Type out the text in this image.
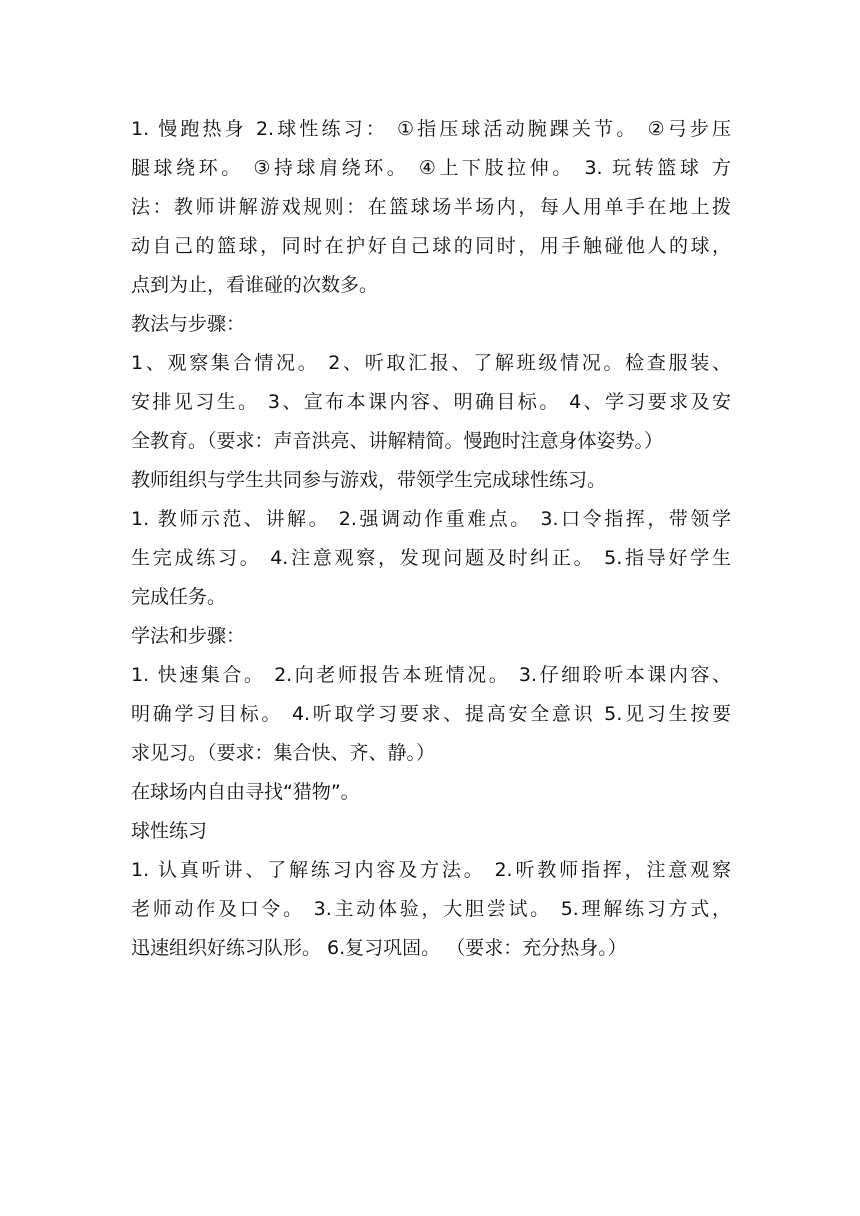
1. 慢跑热身 2.球性练习： ①指压球活动腕踝关节。 ②弓步压
腿球绕环。 ③持球肩绕环。 ④上下肢拉伸。 3. 玩转篮球 方
法：教师讲解游戏规则：在篮球场半场内，每人用单手在地上拨
动自己的篮球，同时在护好自己球的同时，用手触碰他人的球，
点到为止，看谁碰的次数多。
教法与步骤：
1、观察集合情况。 2、听取汇报、了解班级情况。检查服装、
安排见习生。 3、宣布本课内容、明确目标。 4、学习要求及安
全教育。（要求：声音洪亮、讲解精简。慢跑时注意身体姿势。）
教师组织与学生共同参与游戏，带领学生完成球性练习。
1. 教师示范、讲解。 2.强调动作重难点。 3.口令指挥，带领学
生完成练习。 4.注意观察，发现问题及时纠正。 5.指导好学生
完成任务。
学法和步骤：
1. 快速集合。 2.向老师报告本班情况。 3.仔细聆听本课内容、
明确学习目标。 4.听取学习要求、提高安全意识 5.见习生按要
求见习。（要求：集合快、齐、静。）
在球场内自由寻找“猎物”。
球性练习
1. 认真听讲、了解练习内容及方法。 2.听教师指挥，注意观察
老师动作及口令。 3.主动体验，大胆尝试。 5.理解练习方式，
迅速组织好练习队形。 6.复习巩固。 （要求：充分热身。）
